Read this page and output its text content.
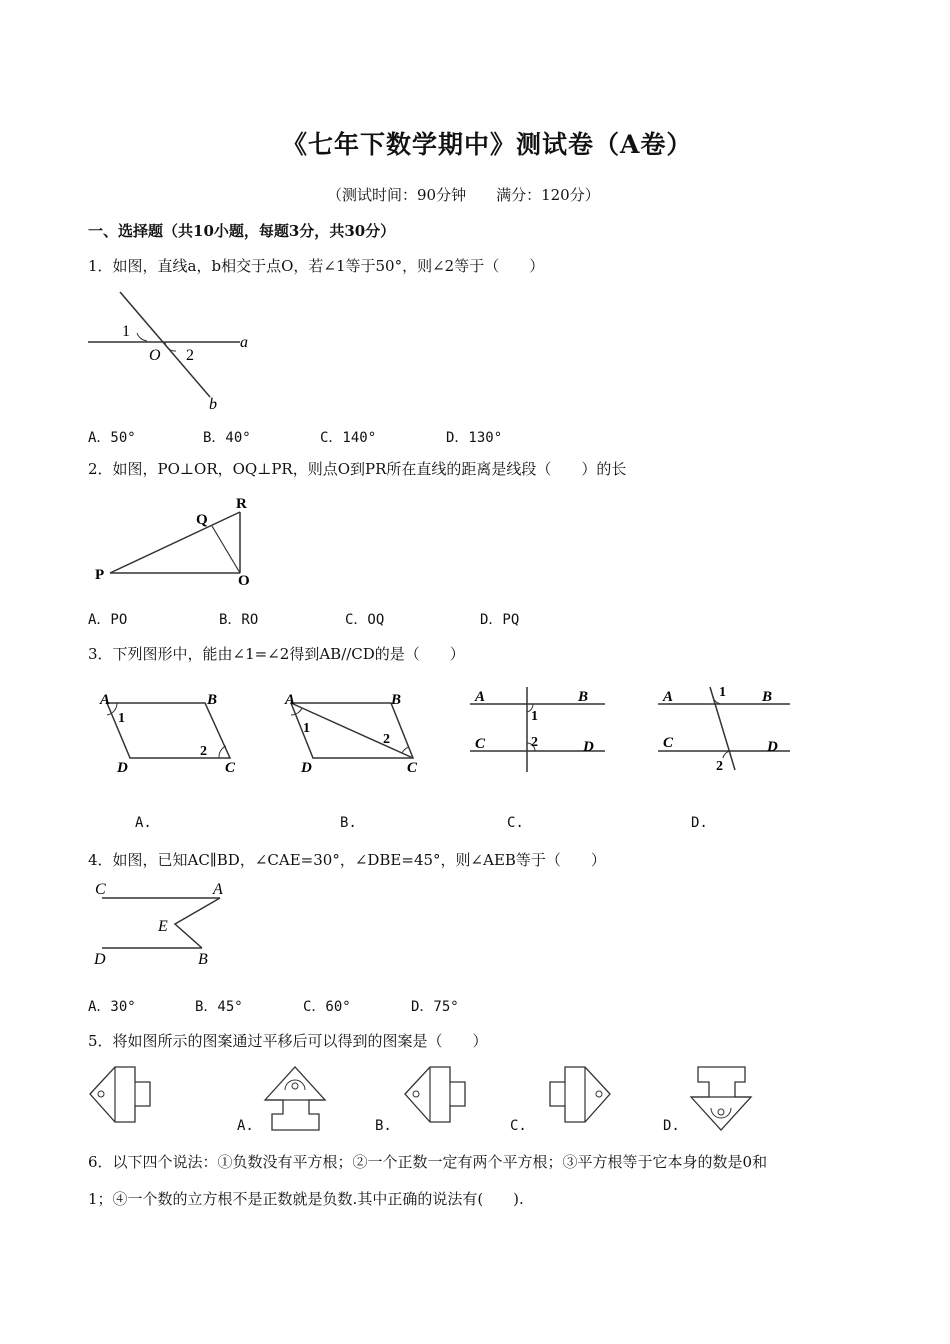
《七年下数学期中》测试卷（A卷）
（测试时间：90分钟　　满分：120分）
一、选择题（共10小题，每题3分，共30分）
1．如图，直线a，b相交于点O，若∠1等于50°，则∠2等于（　　）
1
O 2
a
b
A．50°	B．40°	C．140°	D．130°
2．如图，PO⊥OR，OQ⊥PR，则点O到PR所在直线的距离是线段（　　）的长
P
Q
R
O
A．PO	B．RO	C．OQ	D．PQ
3．下列图形中，能由∠1=∠2得到AB//CD的是（　　）
A	B
D	C
1
2
A	B
D	C
1
2
A	B
C	D
1
2
A	1 B
C	D
2
A.	B.	C.	D.
4．如图，已知AC∥BD，∠CAE=30°，∠DBE=45°，则∠AEB等于（　　）
C	A
E
D	B
A．30°	B．45°	C．60°	D．75°
5．将如图所示的图案通过平移后可以得到的图案是（　　）
A.	B.	C.	D.
6．以下四个说法：①负数没有平方根；②一个正数一定有两个平方根；③平方根等于它本身的数是0和
1；④一个数的立方根不是正数就是负数.其中正确的说法有(　　).
